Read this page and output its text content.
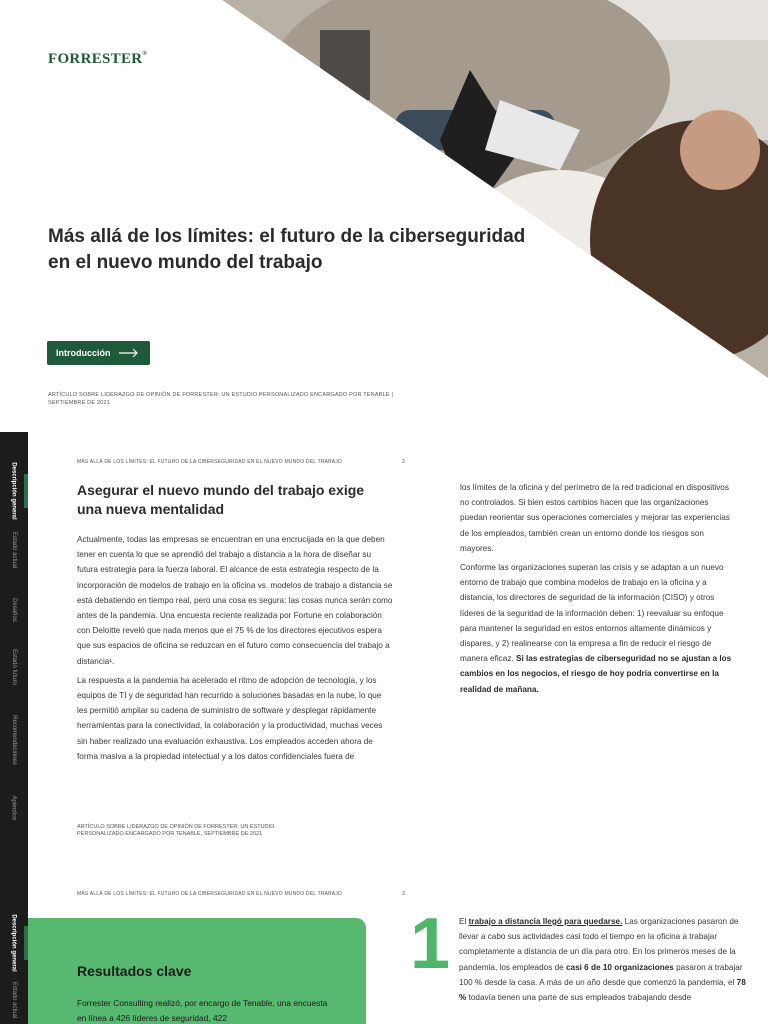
FORRESTER®
Más allá de los límites: el futuro de la ciberseguridad en el nuevo mundo del trabajo
Introducción
ARTÍCULO SOBRE LIDERAZGO DE OPINIÓN DE FORRESTER: UN ESTUDIO PERSONALIZADO ENCARGADO POR TENABLE | SEPTIEMBRE DE 2021
Descripción general
Estado actual
Desafíos
Estado futuro
Recomendaciones
Apéndice
Descripción general
Estado actual
MÁS ALLÁ DE LOS LÍMITES: EL FUTURO DE LA CIBERSEGURIDAD EN EL NUEVO MUNDO DEL TRABAJO	2
Asegurar el nuevo mundo del trabajo exige una nueva mentalidad

Actualmente, todas las empresas se encuentran en una encrucijada en la que deben tener en cuenta lo que se aprendió del trabajo a distancia a la hora de diseñar su futura estrategia para la fuerza laboral. El alcance de esta estrategia respecto de la incorporación de modelos de trabajo en la oficina vs. modelos de trabajo a distancia se está debatiendo en tiempo real, pero una cosa es segura: las cosas nunca serán como antes de la pandemia. Una encuesta reciente realizada por Fortune en colaboración con Deloitte reveló que nada menos que el 75 % de los directores ejecutivos espera que sus espacios de oficina se reduzcan en el futuro como consecuencia del trabajo a distancia¹.

La respuesta a la pandemia ha acelerado el ritmo de adopción de tecnología, y los equipos de TI y de seguridad han recurrido a soluciones basadas en la nube, lo que les permitió ampliar su cadena de suministro de software y desplegar rápidamente herramientas para la conectividad, la colaboración y la productividad, muchas veces sin haber realizado una evaluación exhaustiva. Los empleados acceden ahora de forma masiva a la propiedad intelectual y a los datos confidenciales fuera de

los límites de la oficina y del perímetro de la red tradicional en dispositivos no controlados. Si bien estos cambios hacen que las organizaciones puedan reorientar sus operaciones comerciales y mejorar las experiencias de los empleados, también crean un entorno donde los riesgos son mayores.

Conforme las organizaciones superan las crisis y se adaptan a un nuevo entorno de trabajo que combina modelos de trabajo en la oficina y a distancia, los directores de seguridad de la información (CISO) y otros líderes de la seguridad de la información deben: 1) reevaluar su enfoque para mantener la seguridad en estos entornos altamente dinámicos y dispares, y 2) realinearse con la empresa a fin de reducir el riesgo de manera eficaz. Si las estrategias de ciberseguridad no se ajustan a los cambios en los negocios, el riesgo de hoy podría convertirse en la realidad de mañana.

ARTÍCULO SOBRE LIDERAZGO DE OPINIÓN DE FORRESTER: UN ESTUDIO PERSONALIZADO ENCARGADO POR TENABLE, SEPTIEMBRE DE 2021
MÁS ALLÁ DE LOS LÍMITES: EL FUTURO DE LA CIBERSEGURIDAD EN EL NUEVO MUNDO DEL TRABAJO	3
Resultados clave

Forrester Consulting realizó, por encargo de Tenable, una encuesta en línea a 426 líderes de seguridad, 422

1 El trabajo a distancia llegó para quedarse. Las organizaciones pasaron de llevar a cabo sus actividades casi todo el tiempo en la oficina a trabajar completamente a distancia de un día para otro. En los primeros meses de la pandemia, los empleados de casi 6 de 10 organizaciones pasaron a trabajar 100 % desde la casa. A más de un año desde que comenzó la pandemia, el 78 % todavía tienen una parte de sus empleados trabajando desde
